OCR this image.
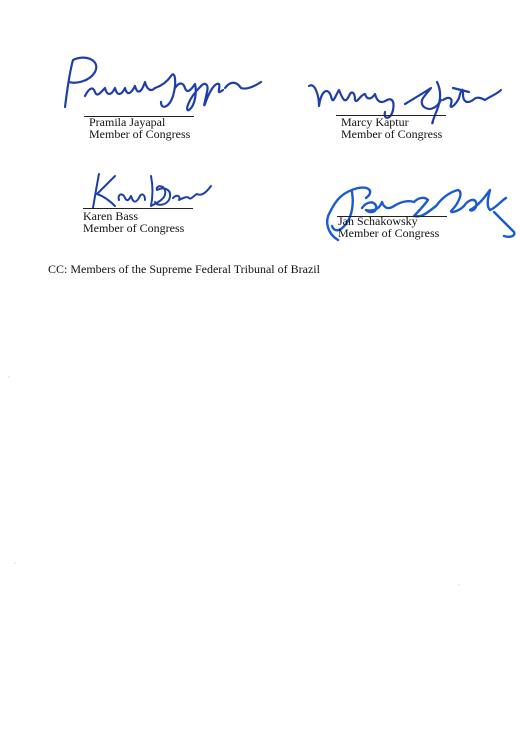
Pramila Jayapal
Member of Congress
Marcy Kaptur
Member of Congress
Karen Bass
Member of Congress	Jan Schakowsky
Member of Congress
CC: Members of the Supreme Federal Tribunal of Brazil
